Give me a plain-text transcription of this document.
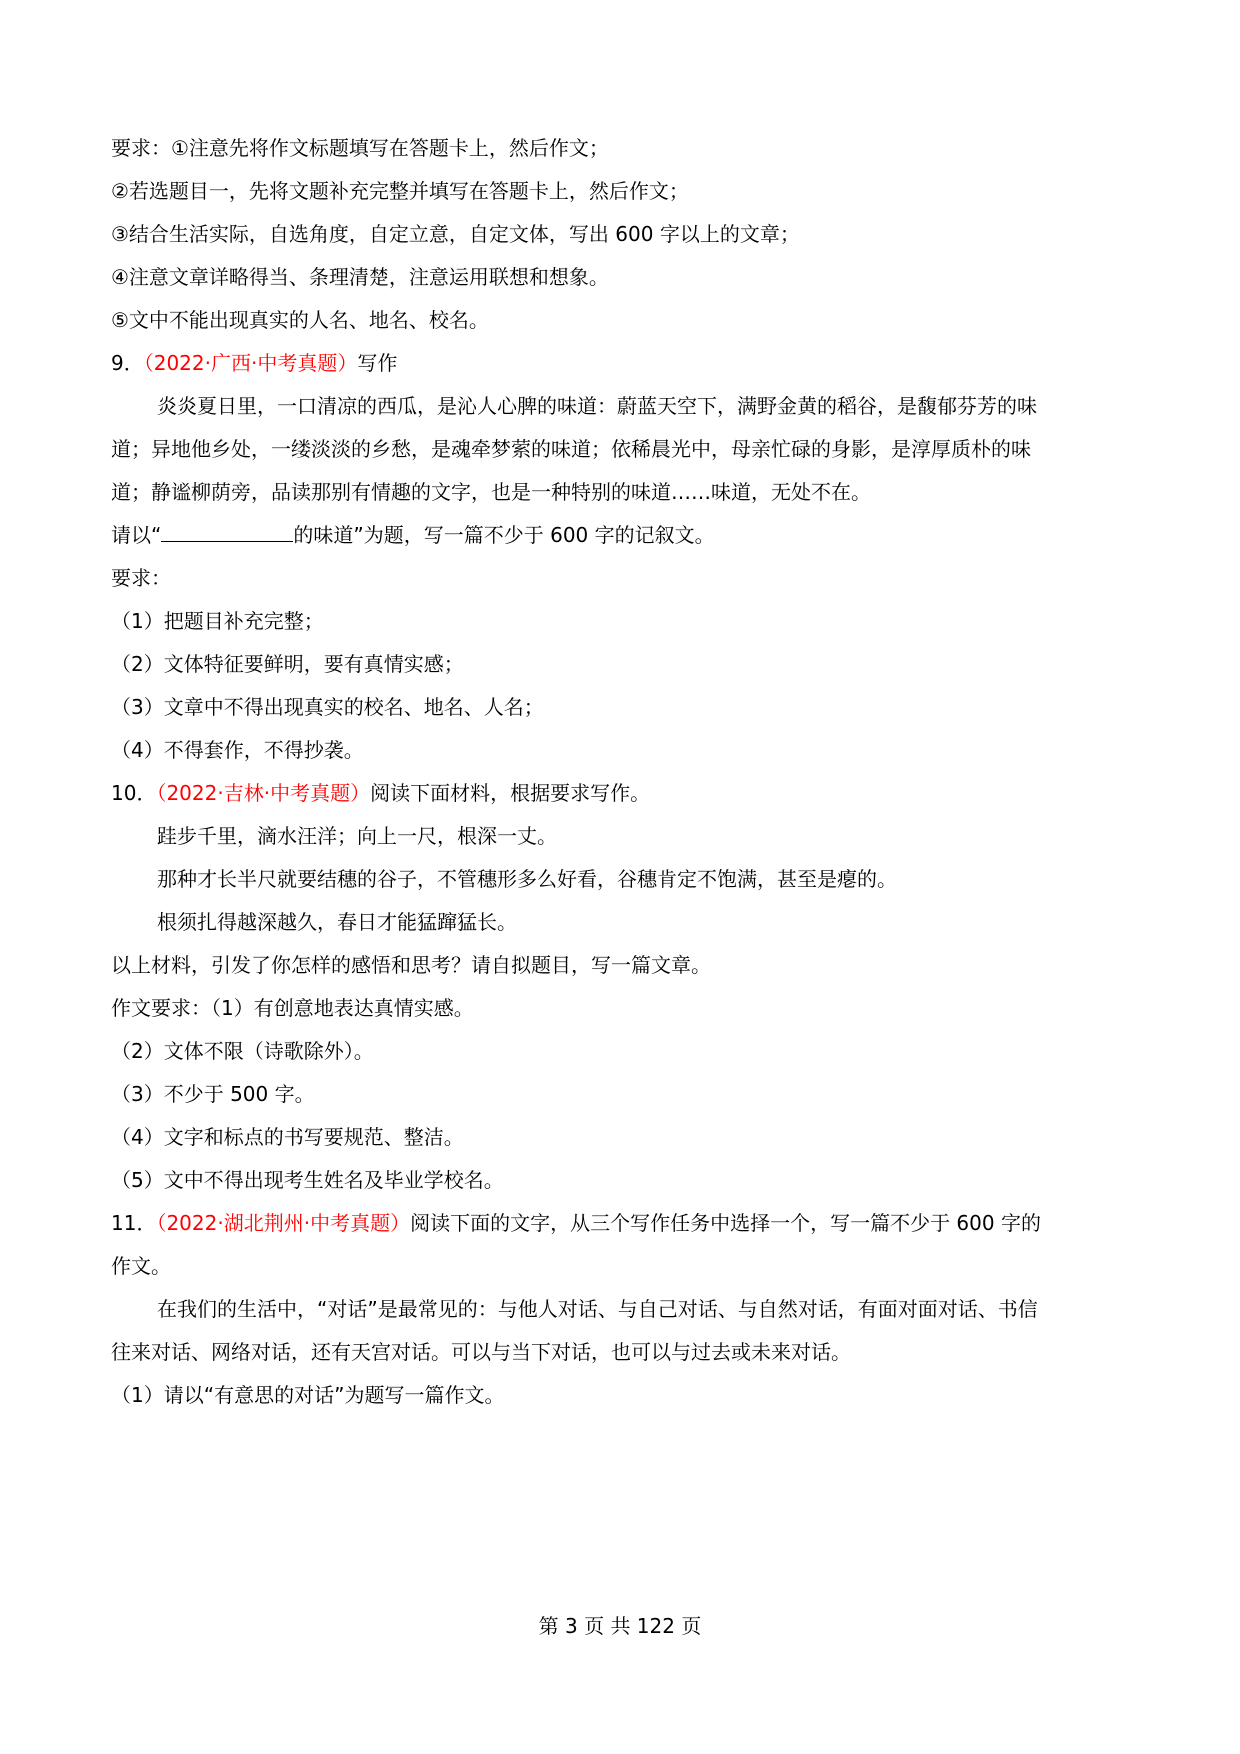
要求：①注意先将作文标题填写在答题卡上，然后作文；
②若选题目一，先将文题补充完整并填写在答题卡上，然后作文；
③结合生活实际，自选角度，自定立意，自定文体，写出 600 字以上的文章；
④注意文章详略得当、条理清楚，注意运用联想和想象。
⑤文中不能出现真实的人名、地名、校名。
9．（2022·广西·中考真题）写作
炎炎夏日里，一口清凉的西瓜，是沁人心脾的味道：蔚蓝天空下，满野金黄的稻谷，是馥郁芬芳的味
道；异地他乡处，一缕淡淡的乡愁，是魂牵梦萦的味道；依稀晨光中，母亲忙碌的身影，是淳厚质朴的味
道；静谧柳荫旁，品读那别有情趣的文字，也是一种特别的味道……味道，无处不在。
请以“	的味道”为题，写一篇不少于 600 字的记叙文。
要求：
（1）把题目补充完整；
（2）文体特征要鲜明，要有真情实感；
（3）文章中不得出现真实的校名、地名、人名；
（4）不得套作，不得抄袭。
10．（2022·吉林·中考真题）阅读下面材料，根据要求写作。
跬步千里，滴水汪洋；向上一尺，根深一丈。
那种才长半尺就要结穗的谷子，不管穗形多么好看，谷穗肯定不饱满，甚至是瘪的。
根须扎得越深越久，春日才能猛蹿猛长。
以上材料，引发了你怎样的感悟和思考？请自拟题目，写一篇文章。
作文要求：（1）有创意地表达真情实感。
（2）文体不限（诗歌除外）。
（3）不少于 500 字。
（4）文字和标点的书写要规范、整洁。
（5）文中不得出现考生姓名及毕业学校名。
11．（2022·湖北荆州·中考真题）阅读下面的文字，从三个写作任务中选择一个，写一篇不少于 600 字的
作文。
在我们的生活中，“对话”是最常见的：与他人对话、与自己对话、与自然对话，有面对面对话、书信
往来对话、网络对话，还有天宫对话。可以与当下对话，也可以与过去或未来对话。
（1）请以“有意思的对话”为题写一篇作文。
第 3 页 共 122 页
